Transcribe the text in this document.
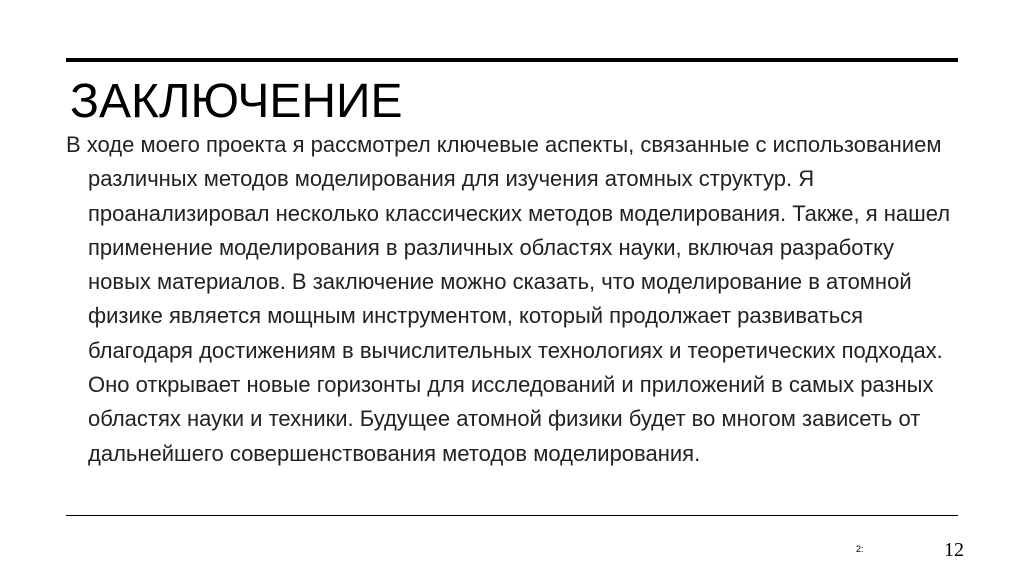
ЗАКЛЮЧЕНИЕ

В ходе моего проекта я рассмотрел ключевые аспекты, связанные с использованием различных методов моделирования для изучения атомных структур. Я проанализировал несколько классических методов моделирования. Также, я нашел применение моделирования в различных областях науки, включая разработку новых материалов. В заключение можно сказать, что моделирование в атомной физике является мощным инструментом, который продолжает развиваться благодаря достижениям в вычислительных технологиях и теоретических подходах. Оно открывает новые горизонты для исследований и приложений в самых разных областях науки и техники. Будущее атомной физики будет во многом зависеть от дальнейшего совершенствования методов моделирования.

2:	12
